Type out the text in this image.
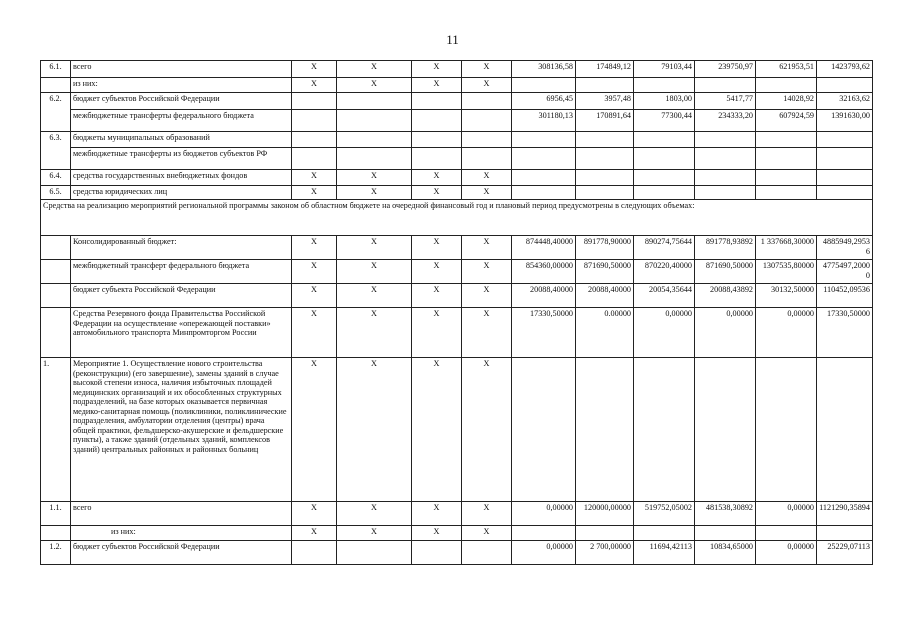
11
6.1.	всего	X	X	X	X	308136,58	174849,12	79103,44	239750,97	621953,51	1423793,62
	из них:	X	X	X	X						
6.2.	бюджет субъектов Российской Федерации					6956,45	3957,48	1803,00	5417,77	14028,92	32163,62
	межбюджетные трансферты федерального бюджета					301180,13	170891,64	77300,44	234333,20	607924,59	1391630,00
6.3.	бюджеты муниципальных образований										
	межбюджетные трансферты из бюджетов субъектов РФ										
6.4.	средства государственных внебюджетных фондов	X	X	X	X						
6.5.	средства юридических лиц	X	X	X	X						
Средства на реализацию мероприятий региональной программы законом об областном бюджете на очередной финансовый год и плановый период предусмотрены в следующих объемах:											
	Консолидированный бюджет:	X	X	X	X	874448,40000	891778,90000	890274,75644	891778,93892	1 337668,30000	4885949,29536
	межбюджетный трансферт федерального бюджета	X	X	X	X	854360,00000	871690,50000	870220,40000	871690,50000	1307535,80000	4775497,20000
	бюджет субъекта Российской Федерации	X	X	X	X	20088,40000	20088,40000	20054,35644	20088,43892	30132,50000	110452,09536
	Средства Резервного фонда Правительства Российской Федерации на осуществление «опережающей поставки» автомобильного транспорта Минпромторгом России	X	X	X	X	17330,50000	0.00000	0,00000	0,00000	0,00000	17330,50000
1.	Мероприятие 1. Осуществление нового строительства (реконструкции) (его завершение), замены зданий в случае высокой степени износа, наличия избыточных площадей медицинских организаций и их обособленных структурных подразделений, на базе которых оказывается первичная медико-санитарная помощь (поликлиники, поликлинические подразделения, амбулатории отделения (центры) врача общей практики, фельдшерско-акушерские и фельдшерские пункты), а также зданий (отдельных зданий, комплексов зданий) центральных районных и районных больниц	X	X	X	X						
1.1.	всего	X	X	X	X	0,00000	120000,00000	519752,05002	481538,30892	0,00000	1121290,35894
	из них:	X	X	X	X						
1.2.	бюджет субъектов Российской Федерации					0,00000	2 700,00000	11694,42113	10834,65000	0,00000	25229,07113
